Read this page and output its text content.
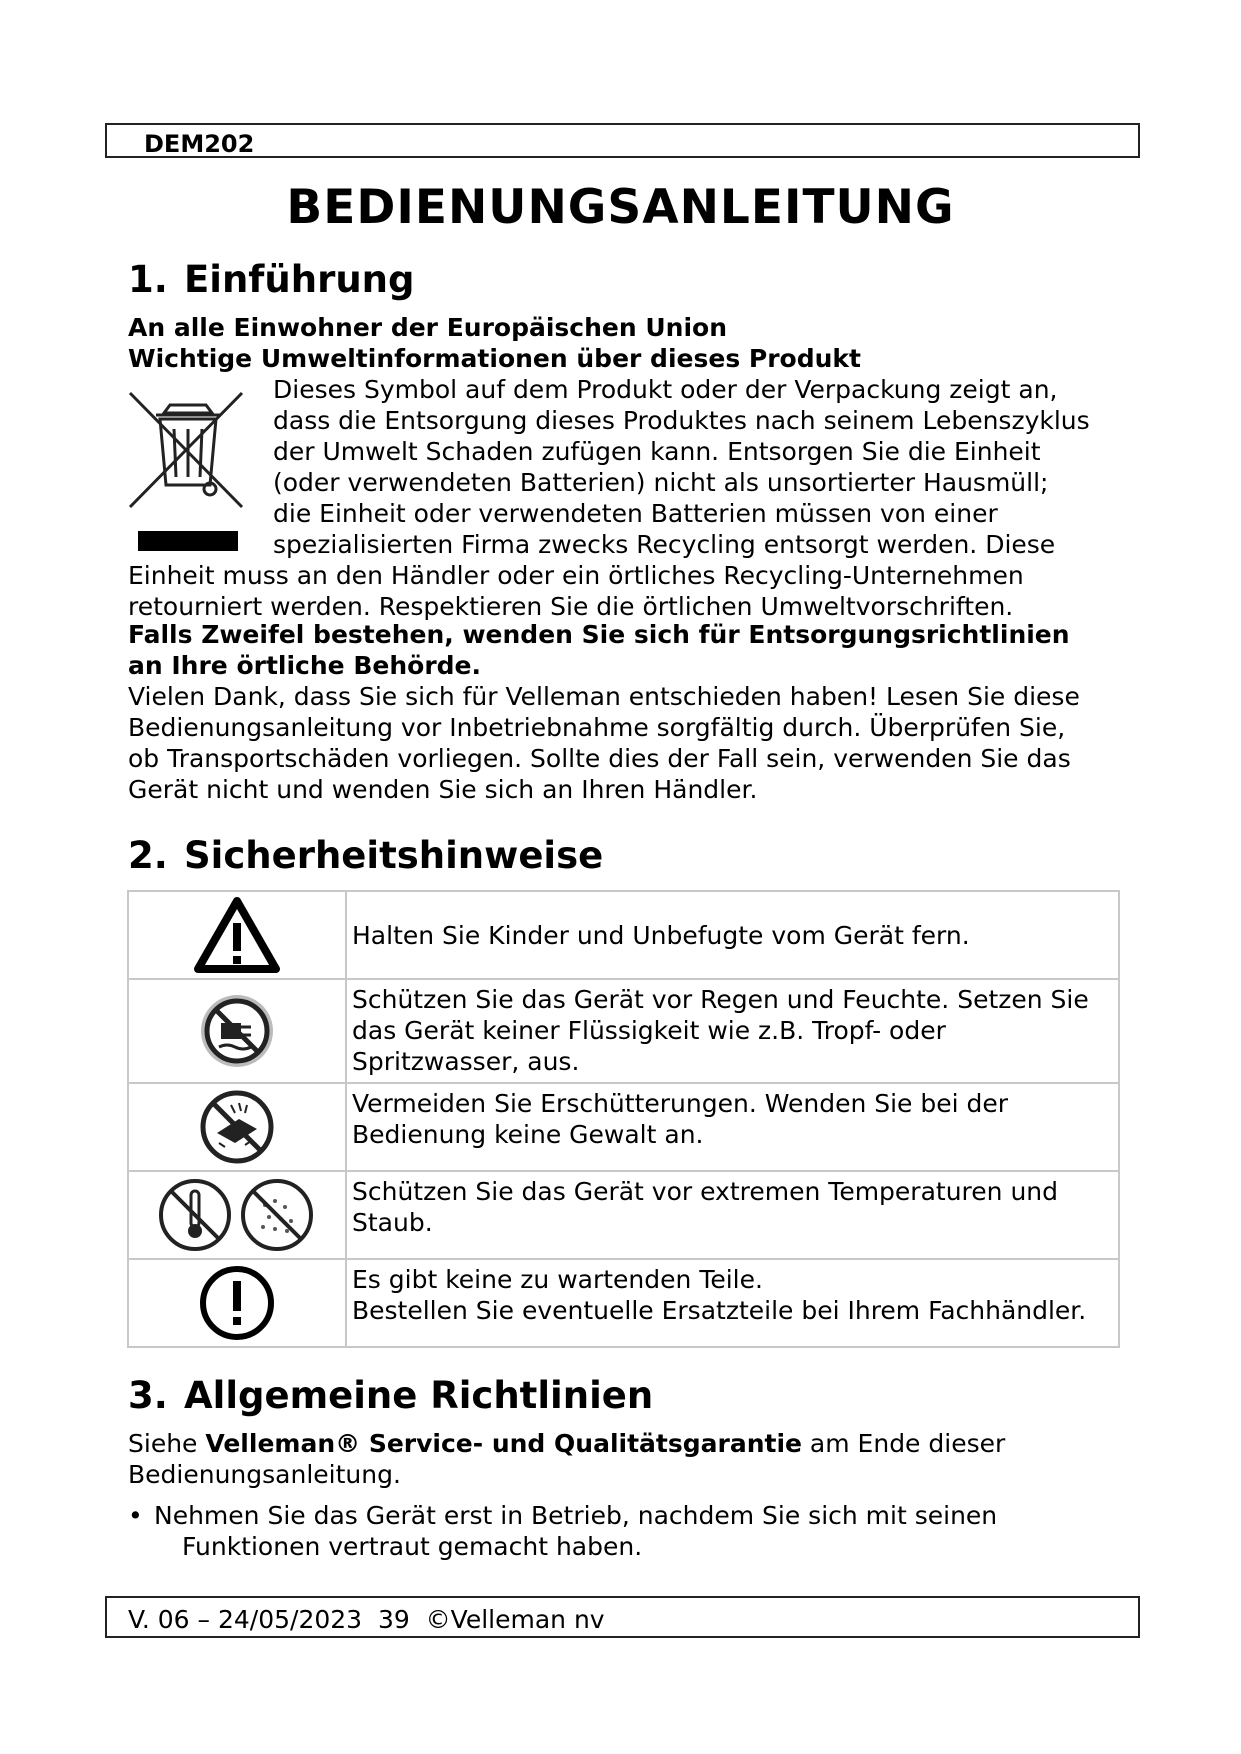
DEM202
BEDIENUNGSANLEITUNG
1. Einführung
An alle Einwohner der Europäischen Union
Wichtige Umweltinformationen über dieses Produkt
Dieses Symbol auf dem Produkt oder der Verpackung zeigt an,
dass die Entsorgung dieses Produktes nach seinem Lebenszyklus
der Umwelt Schaden zufügen kann. Entsorgen Sie die Einheit
(oder verwendeten Batterien) nicht als unsortierter Hausmüll;
die Einheit oder verwendeten Batterien müssen von einer
spezialisierten Firma zwecks Recycling entsorgt werden. Diese
Einheit muss an den Händler oder ein örtliches Recycling-Unternehmen
retourniert werden. Respektieren Sie die örtlichen Umweltvorschriften.
Falls Zweifel bestehen, wenden Sie sich für Entsorgungsrichtlinien
an Ihre örtliche Behörde.
Vielen Dank, dass Sie sich für Velleman entschieden haben! Lesen Sie diese
Bedienungsanleitung vor Inbetriebnahme sorgfältig durch. Überprüfen Sie,
ob Transportschäden vorliegen. Sollte dies der Fall sein, verwenden Sie das
Gerät nicht und wenden Sie sich an Ihren Händler.
2. Sicherheitshinweise

Halten Sie Kinder und Unbefugte vom Gerät fern.

Schützen Sie das Gerät vor Regen und Feuchte. Setzen Sie
das Gerät keiner Flüssigkeit wie z.B. Tropf- oder
Spritzwasser, aus.

Vermeiden Sie Erschütterungen. Wenden Sie bei der
Bedienung keine Gewalt an.

Schützen Sie das Gerät vor extremen Temperaturen und
Staub.

Es gibt keine zu wartenden Teile.
Bestellen Sie eventuelle Ersatzteile bei Ihrem Fachhändler.
3. Allgemeine Richtlinien
Siehe Velleman® Service- und Qualitätsgarantie am Ende dieser
Bedienungsanleitung.
• Nehmen Sie das Gerät erst in Betrieb, nachdem Sie sich mit seinen
Funktionen vertraut gemacht haben.
V. 06 – 24/05/2023  39  ©Velleman nv
